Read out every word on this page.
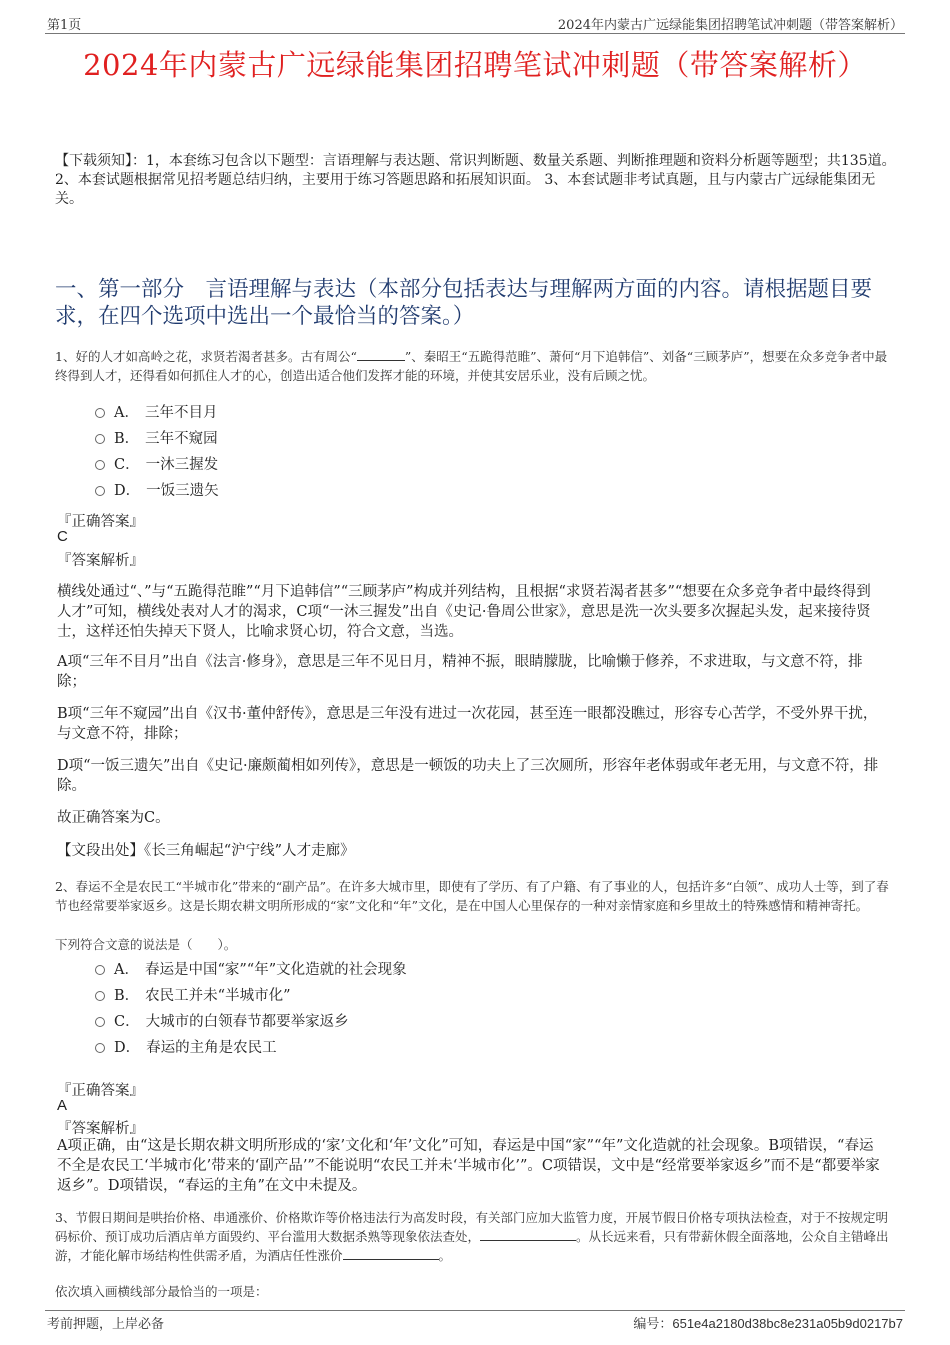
第1页	2024年内蒙古广远绿能集团招聘笔试冲刺题（带答案解析）
2024年内蒙古广远绿能集团招聘笔试冲刺题（带答案解析）
【下载须知】：1，本套练习包含以下题型：言语理解与表达题、常识判断题、数量关系题、判断推理题和资料分析题等题型；共135道。 2、本套试题根据常见招考题总结归纳，主要用于练习答题思路和拓展知识面。 3、本套试题非考试真题，且与内蒙古广远绿能集团无关。
一、第一部分　言语理解与表达（本部分包括表达与理解两方面的内容。请根据题目要求，在四个选项中选出一个最恰当的答案。）
1、好的人才如高岭之花，求贤若渴者甚多。古有周公“	”、秦昭王“五跪得范睢”、萧何“月下追韩信”、刘备“三顾茅庐”，想要在众多竞争者中最终得到人才，还得看如何抓住人才的心，创造出适合他们发挥才能的环境，并使其安居乐业，没有后顾之忧。
A． 三年不目月
B． 三年不窥园
C． 一沐三握发
D． 一饭三遗矢
『正确答案』
C
『答案解析』
横线处通过“、”与“五跪得范睢”“月下追韩信”“三顾茅庐”构成并列结构，且根据“求贤若渴者甚多”“想要在众多竞争者中最终得到人才”可知，横线处表对人才的渴求，C项“一沐三握发”出自《史记·鲁周公世家》，意思是洗一次头要多次握起头发，起来接待贤士，这样还怕失掉天下贤人，比喻求贤心切，符合文意，当选。
A项“三年不目月”出自《法言·修身》，意思是三年不见日月，精神不振，眼睛朦胧，比喻懒于修养，不求进取，与文意不符，排除；
B项“三年不窥园”出自《汉书·董仲舒传》，意思是三年没有进过一次花园，甚至连一眼都没瞧过，形容专心苦学，不受外界干扰，与文意不符，排除；
D项“一饭三遗矢”出自《史记·廉颇蔺相如列传》，意思是一顿饭的功夫上了三次厕所，形容年老体弱或年老无用，与文意不符，排除。
故正确答案为C。
【文段出处】《长三角崛起“沪宁线”人才走廊》
2、春运不全是农民工“半城市化”带来的“副产品”。在许多大城市里，即使有了学历、有了户籍、有了事业的人，包括许多“白领”、成功人士等，到了春节也经常要举家返乡。这是长期农耕文明所形成的“家”文化和“年”文化，是在中国人心里保存的一种对亲情家庭和乡里故土的特殊感情和精神寄托。
下列符合文意的说法是（　　）。
A． 春运是中国“家”“年”文化造就的社会现象
B． 农民工并未“半城市化”
C． 大城市的白领春节都要举家返乡
D． 春运的主角是农民工
『正确答案』
A
『答案解析』
A项正确，由“这是长期农耕文明所形成的‘家’文化和‘年’文化”可知，春运是中国“家”“年”文化造就的社会现象。B项错误，“春运不全是农民工‘半城市化’带来的‘副产品’”不能说明“农民工并未‘半城市化’”。C项错误，文中是“经常要举家返乡”而不是“都要举家返乡”。D项错误，“春运的主角”在文中未提及。
3、节假日期间是哄抬价格、串通涨价、价格欺诈等价格违法行为高发时段，有关部门应加大监管力度，开展节假日价格专项执法检查，对于不按规定明码标价、预订成功后酒店单方面毁约、平台滥用大数据杀熟等现象依法查处，	。从长远来看，只有带薪休假全面落地，公众自主错峰出游，才能化解市场结构性供需矛盾，为酒店任性涨价	。
依次填入画横线部分最恰当的一项是：
考前押题，上岸必备	编号：651e4a2180d38bc8e231a05b9d0217b7
